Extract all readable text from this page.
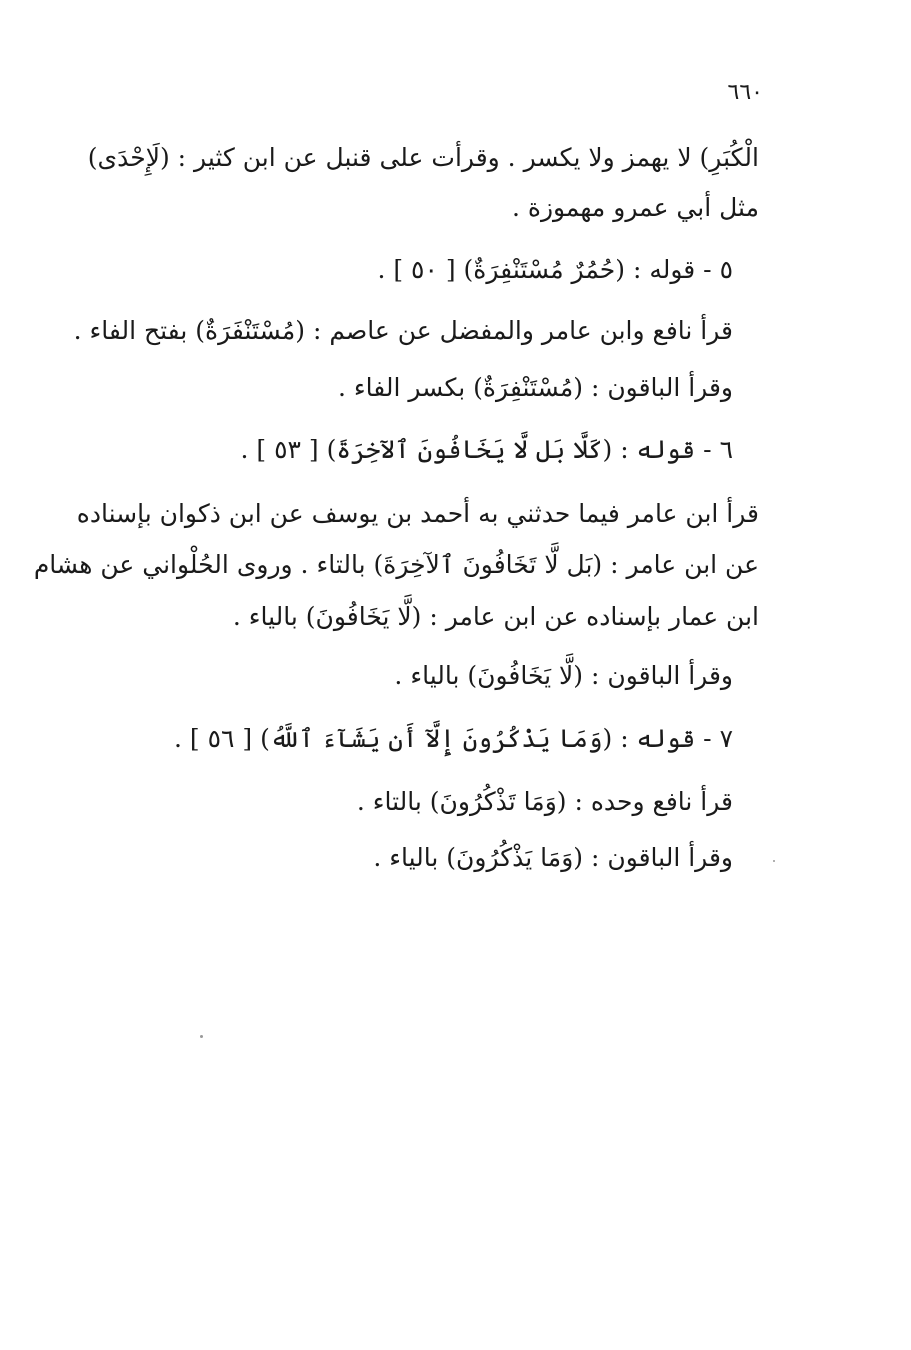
٦٦٠
الْكُبَرِ) لا يهمز ولا يكسر . وقرأت على قنبل عن ابن كثير : (لَإِحْدَى)
مثل أبي عمرو مهموزة .
٥ - قوله : (حُمُرٌ مُسْتَنْفِرَةٌ) [ ٥٠ ] .
قرأ نافع وابن عامر والمفضل عن عاصم : (مُسْتَنْفَرَةٌ) بفتح الفاء .
وقرأ الباقون : (مُسْتَنْفِرَةٌ) بكسر الفاء .
٦ - قوله : (كَلَّا بَل لَّا يَخَافُونَ ٱلآخِرَةَ) [ ٥٣ ] .
قرأ ابن عامر فيما حدثني به أحمد بن يوسف عن ابن ذكوان بإسناده
عن ابن عامر : (بَل لَّا تَخَافُونَ ٱلآخِرَةَ) بالتاء . وروى الحُلْواني عن هشام
ابن عمار بإسناده عن ابن عامر : (لَّا يَخَافُونَ) بالياء .
وقرأ الباقون : (لَّا يَخَافُونَ) بالياء .
٧ - قوله : (وَمَا يَذْكُرُونَ إِلَّآ أَن يَشَآءَ ٱللَّهُ) [ ٥٦ ] .
قرأ نافع وحده : (وَمَا تَذْكُرُونَ) بالتاء .
وقرأ الباقون : (وَمَا يَذْكُرُونَ) بالياء .
